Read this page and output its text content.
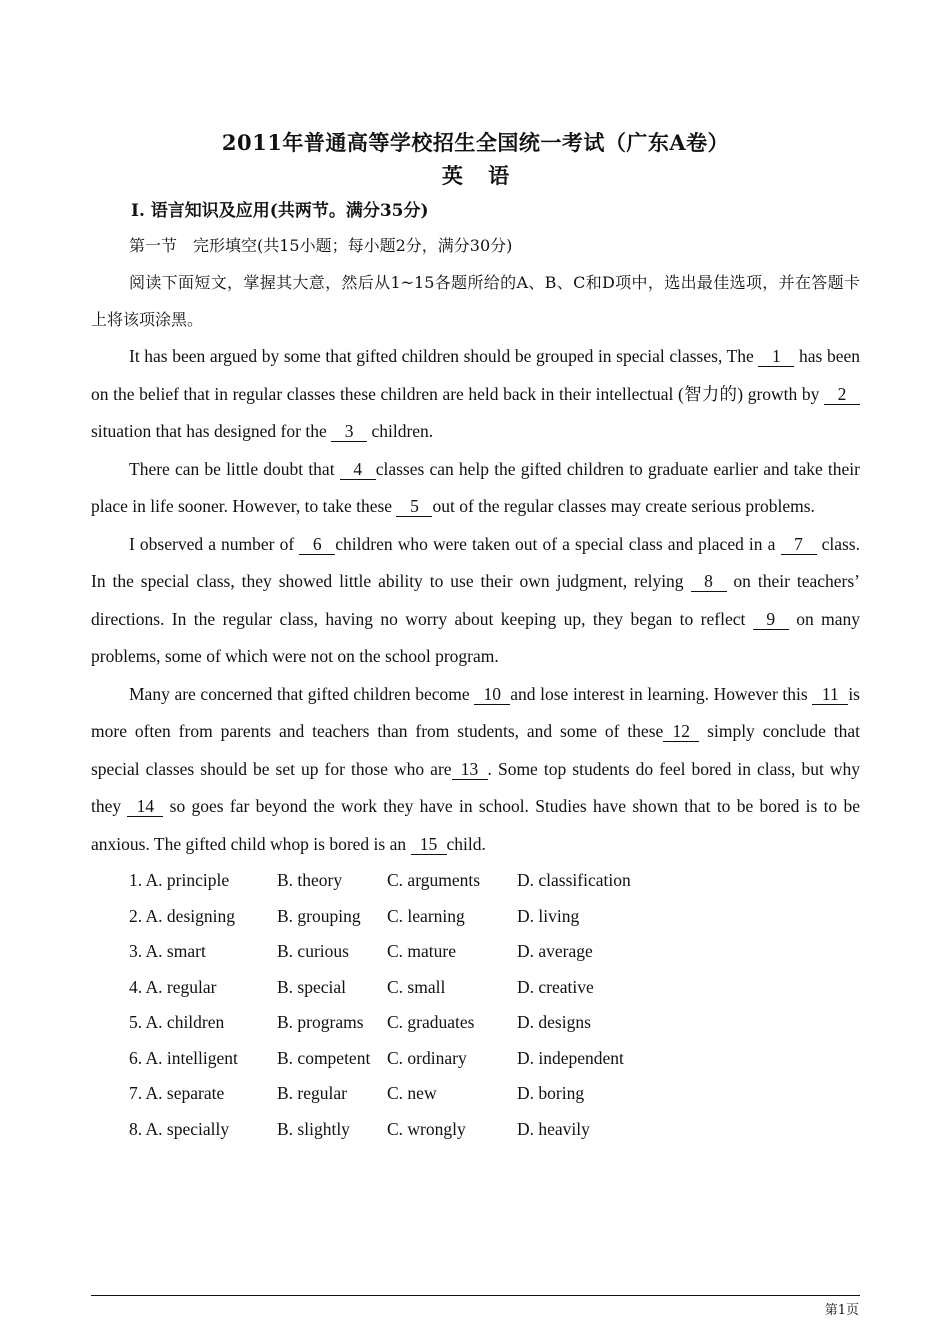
2011年普通高等学校招生全国统一考试（广东A卷）
英 语
Ⅰ. 语言知识及应用(共两节。满分35分)
第一节　完形填空(共15小题；每小题2分，满分30分)
阅读下面短文，掌握其大意，然后从1~15各题所给的A、B、C和D项中，选出最佳选项，并在答题卡上将该项涂黑。

It has been argued by some that gifted children should be grouped in special classes, The 1 has been on the belief that in regular classes these children are held back in their intellectual (智力的) growth by 2 situation that has designed for the 3 children.

There can be little doubt that 4 classes can help the gifted children to graduate earlier and take their place in life sooner. However, to take these 5 out of the regular classes may create serious problems.

I observed a number of 6 children who were taken out of a special class and placed in a 7 class. In the special class, they showed little ability to use their own judgment, relying 8 on their teachers’ directions. In the regular class, having no worry about keeping up, they began to reflect 9 on many problems, some of which were not on the school program.

Many are concerned that gifted children become 10 and lose interest in learning. However this 11 is more often from parents and teachers than from students, and some of these 12 simply conclude that special classes should be set up for those who are 13 . Some top students do feel bored in class, but why they 14 so goes far beyond the work they have in school. Studies have shown that to be bored is to be anxious. The gifted child whop is bored is an 15 child.

1. A. principle	B. theory	C. arguments	D. classification
2. A. designing	B. grouping	C. learning	D. living
3. A. smart	B. curious	C. mature	D. average
4. A. regular	B. special	C. small	D. creative
5. A. children	B. programs	C. graduates	D. designs
6. A. intelligent	B. competent C. ordinary	D. independent
7. A. separate	B. regular	C. new	D. boring
8. A. specially	B. slightly	C. wrongly	D. heavily
第1页
